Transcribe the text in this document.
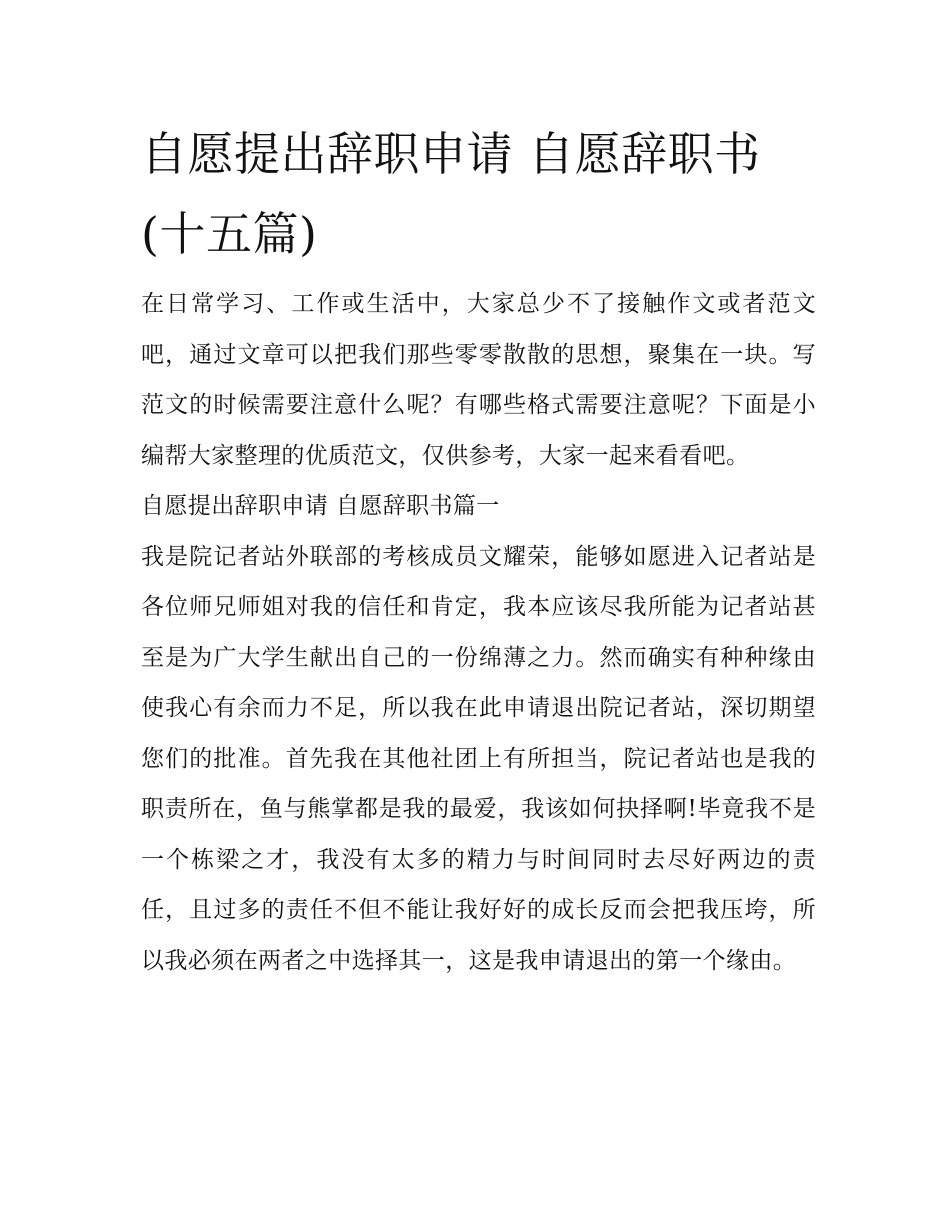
自愿提出辞职申请 自愿辞职书(十五篇)

在日常学习、工作或生活中，大家总少不了接触作文或者范文吧，通过文章可以把我们那些零零散散的思想，聚集在一块。写范文的时候需要注意什么呢？有哪些格式需要注意呢？下面是小编帮大家整理的优质范文，仅供参考，大家一起来看看吧。

自愿提出辞职申请 自愿辞职书篇一

我是院记者站外联部的考核成员文耀荣，能够如愿进入记者站是各位师兄师姐对我的信任和肯定，我本应该尽我所能为记者站甚至是为广大学生献出自己的一份绵薄之力。然而确实有种种缘由使我心有余而力不足，所以我在此申请退出院记者站，深切期望您们的批准。首先我在其他社团上有所担当，院记者站也是我的职责所在，鱼与熊掌都是我的最爱，我该如何抉择啊!毕竟我不是一个栋梁之才，我没有太多的精力与时间同时去尽好两边的责任，且过多的责任不但不能让我好好的成长反而会把我压垮，所以我必须在两者之中选择其一，这是我申请退出的第一个缘由。
